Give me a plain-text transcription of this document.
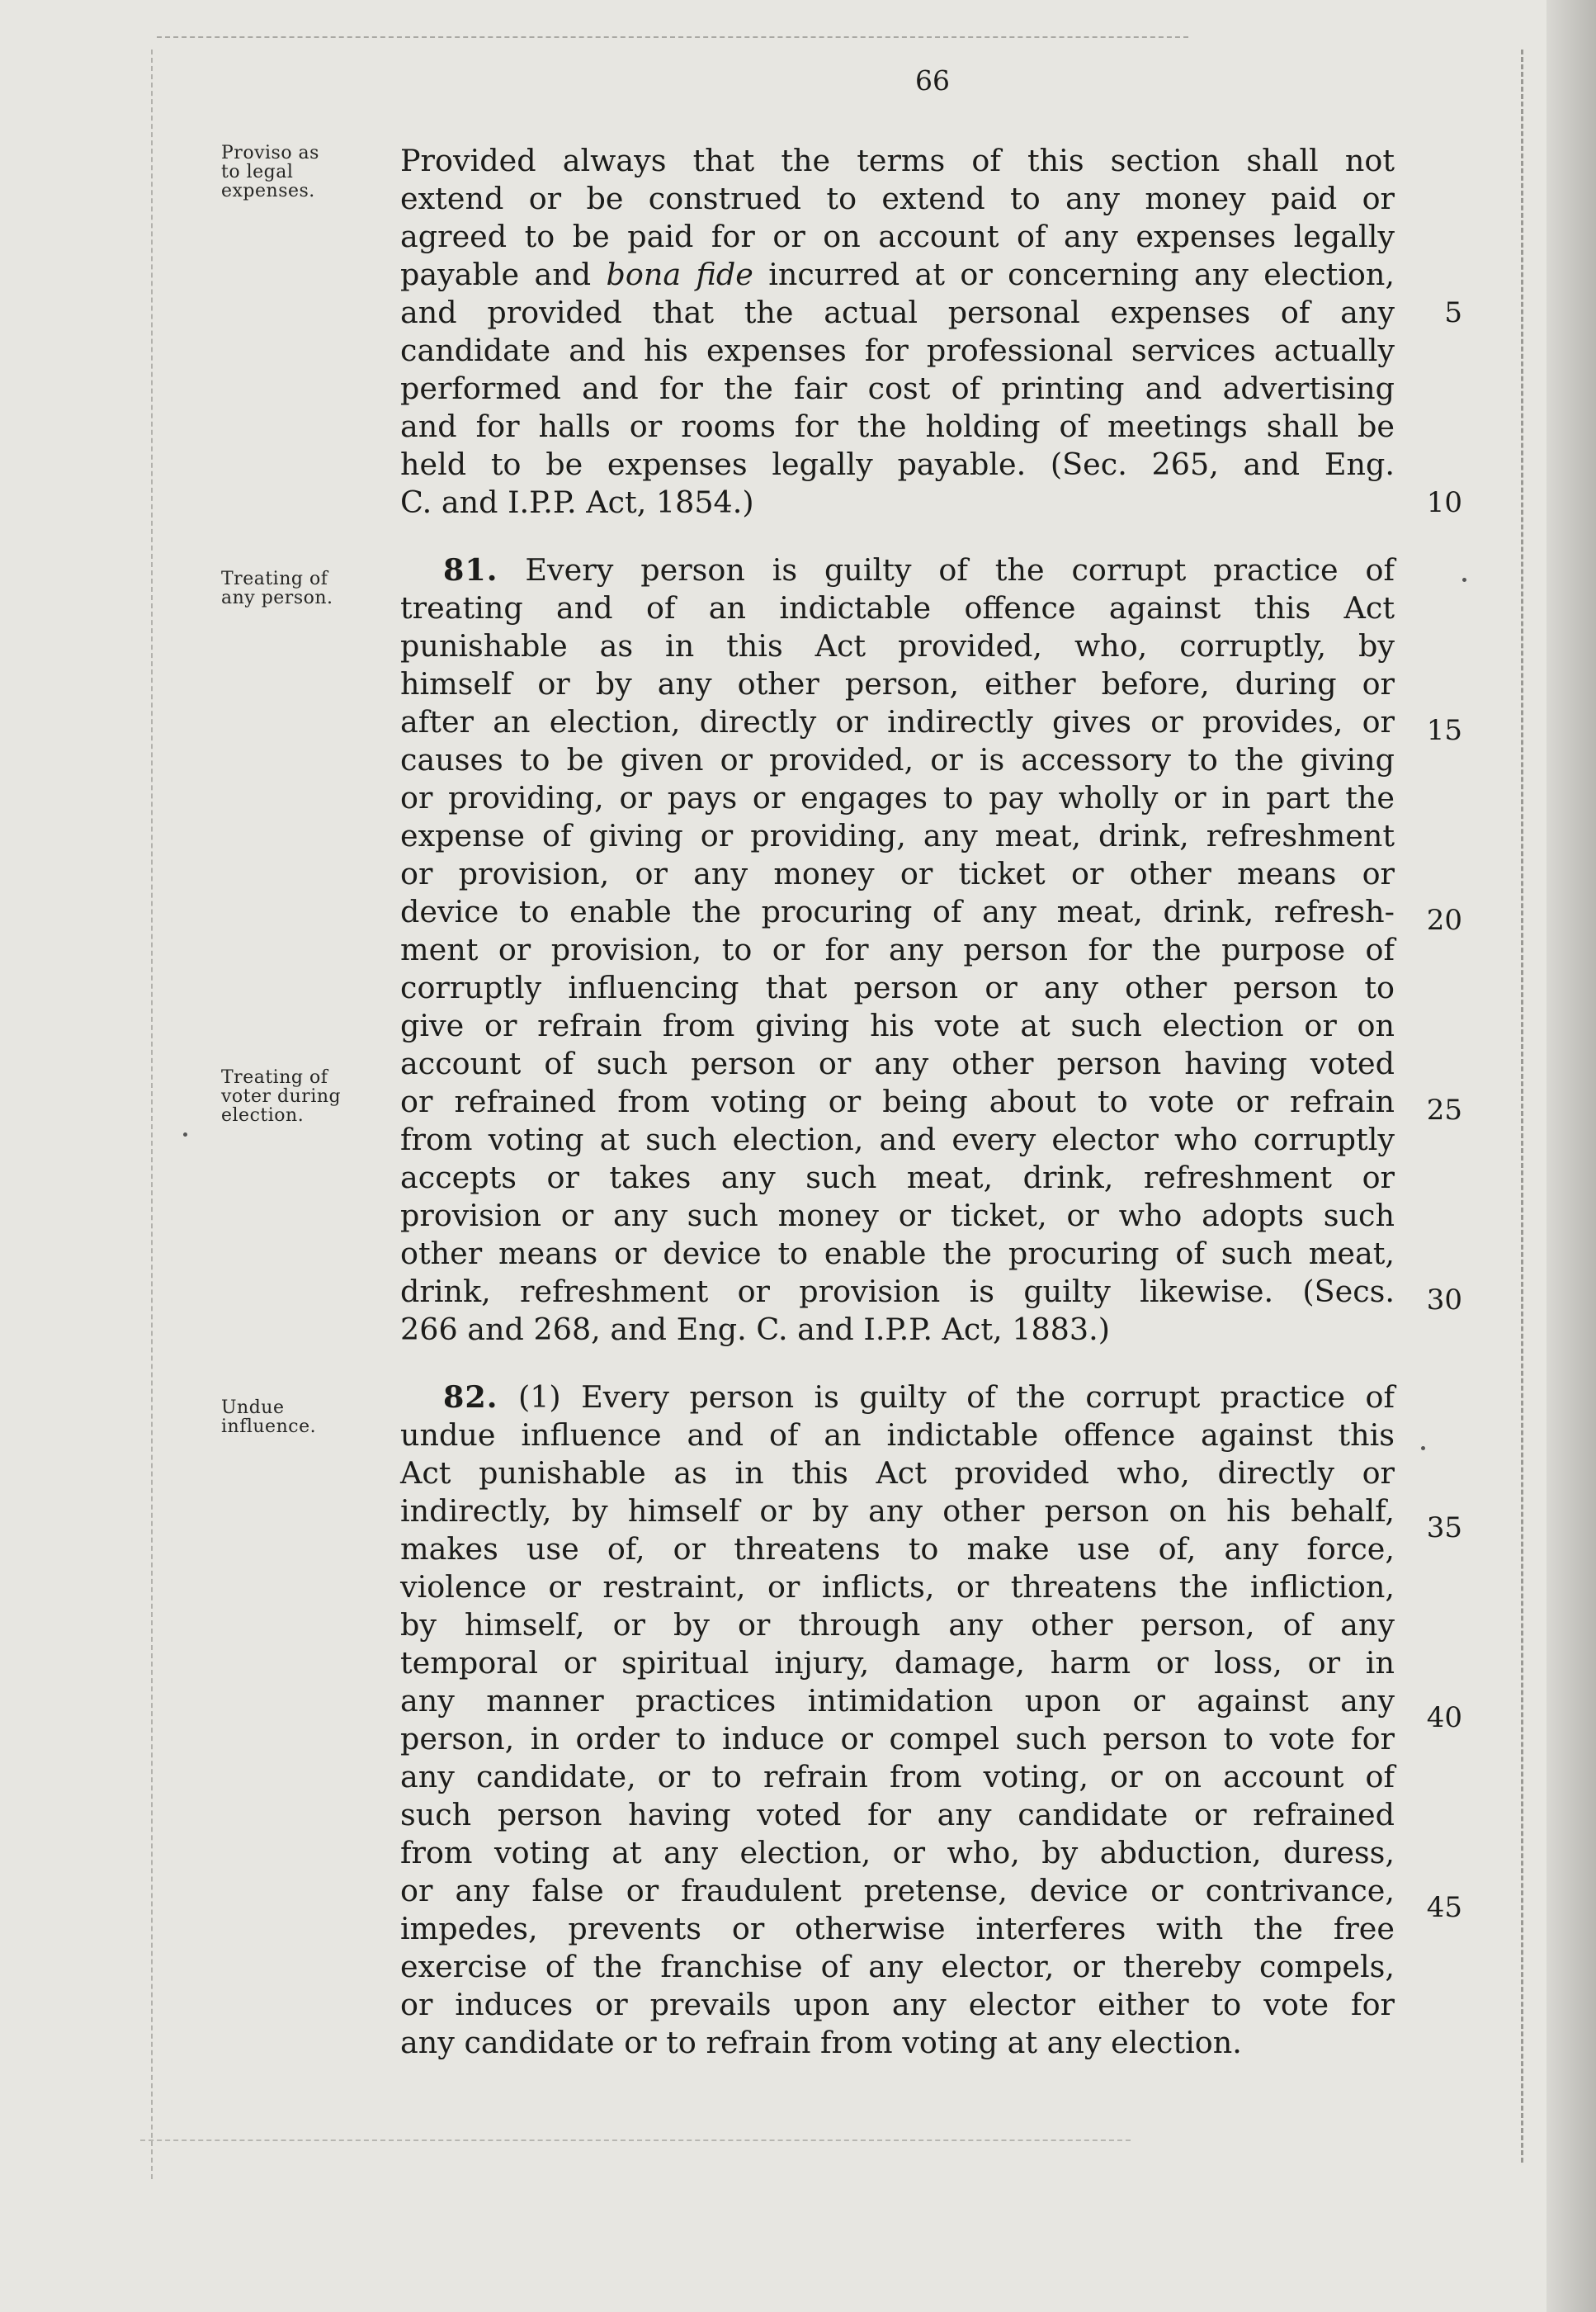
66
Proviso as
to legal
expenses.
Treating of
any person.
Treating of
voter during
election.
Undue
influence.
Provided always that the terms of this section shall not
extend or be construed to extend to any money paid or
agreed to be paid for or on account of any expenses legally
payable and bona fide incurred at or concerning any election,
and provided that the actual personal expenses of any
candidate and his expenses for professional services actually
performed and for the fair cost of printing and advertising
and for halls or rooms for the holding of meetings shall be
held to be expenses legally payable. (Sec. 265, and Eng.
C. and I.P.P. Act, 1854.)
81. Every person is guilty of the corrupt practice of
treating and of an indictable offence against this Act
punishable as in this Act provided, who, corruptly, by
himself or by any other person, either before, during or
after an election, directly or indirectly gives or provides, or
causes to be given or provided, or is accessory to the giving
or providing, or pays or engages to pay wholly or in part the
expense of giving or providing, any meat, drink, refreshment
or provision, or any money or ticket or other means or
device to enable the procuring of any meat, drink, refresh-
ment or provision, to or for any person for the purpose of
corruptly influencing that person or any other person to
give or refrain from giving his vote at such election or on
account of such person or any other person having voted
or refrained from voting or being about to vote or refrain
from voting at such election, and every elector who corruptly
accepts or takes any such meat, drink, refreshment or
provision or any such money or ticket, or who adopts such
other means or device to enable the procuring of such meat,
drink, refreshment or provision is guilty likewise. (Secs.
266 and 268, and Eng. C. and I.P.P. Act, 1883.)
82. (1) Every person is guilty of the corrupt practice of
undue influence and of an indictable offence against this
Act punishable as in this Act provided who, directly or
indirectly, by himself or by any other person on his behalf,
makes use of, or threatens to make use of, any force,
violence or restraint, or inflicts, or threatens the infliction,
by himself, or by or through any other person, of any
temporal or spiritual injury, damage, harm or loss, or in
any manner practices intimidation upon or against any
person, in order to induce or compel such person to vote for
any candidate, or to refrain from voting, or on account of
such person having voted for any candidate or refrained
from voting at any election, or who, by abduction, duress,
or any false or fraudulent pretense, device or contrivance,
impedes, prevents or otherwise interferes with the free
exercise of the franchise of any elector, or thereby compels,
or induces or prevails upon any elector either to vote for
any candidate or to refrain from voting at any election.
5
10
15
20
25
30
35
40
45
